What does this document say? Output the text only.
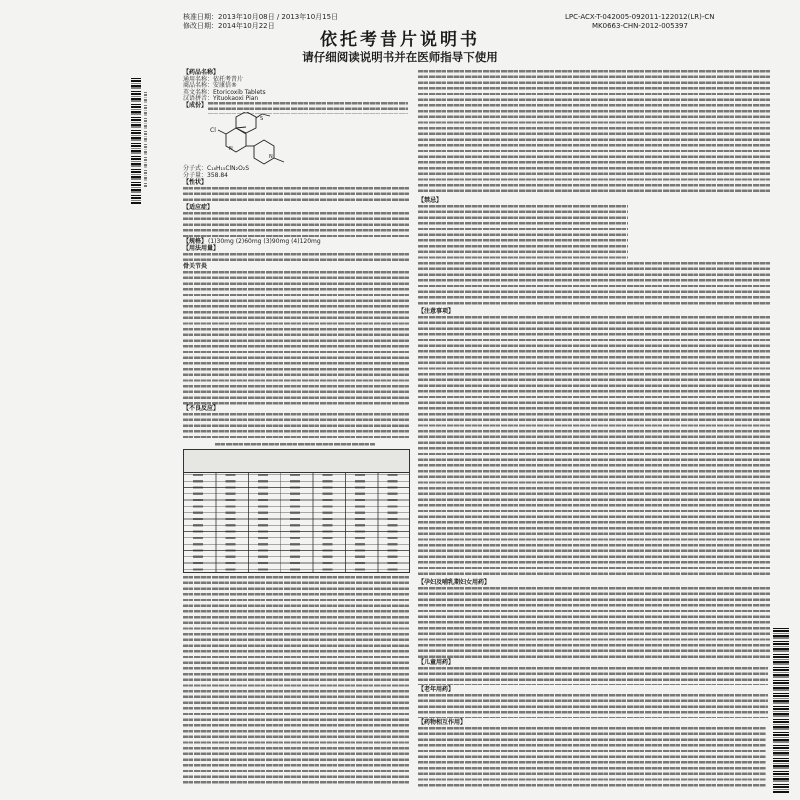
核准日期：2013年10月08日 / 2013年10月15日
修改日期：2014年10月22日
LPC-ACX-T-042005-092011-122012(LR)-CN
MK0663-CHN-2012-005397
依托考昔片说明书
请仔细阅读说明书并在医师指导下使用
【药品名称】
通用名称：依托考昔片
商品名称：安康信®
英文名称：Etoricoxib Tablets
汉语拼音：Yituokaoxi Pian
【成份】
Cl
S
N
N
分子式：C₁₈H₁₅ClN₂O₂S
分子量：358.84
【性状】
【适应症】
【规格】 (1)30mg (2)60mg (3)90mg (4)120mg
【用法用量】
骨关节炎
【不良反应】
【禁忌】
【注意事项】
【孕妇及哺乳期妇女用药】
【儿童用药】
【老年用药】
【药物相互作用】
